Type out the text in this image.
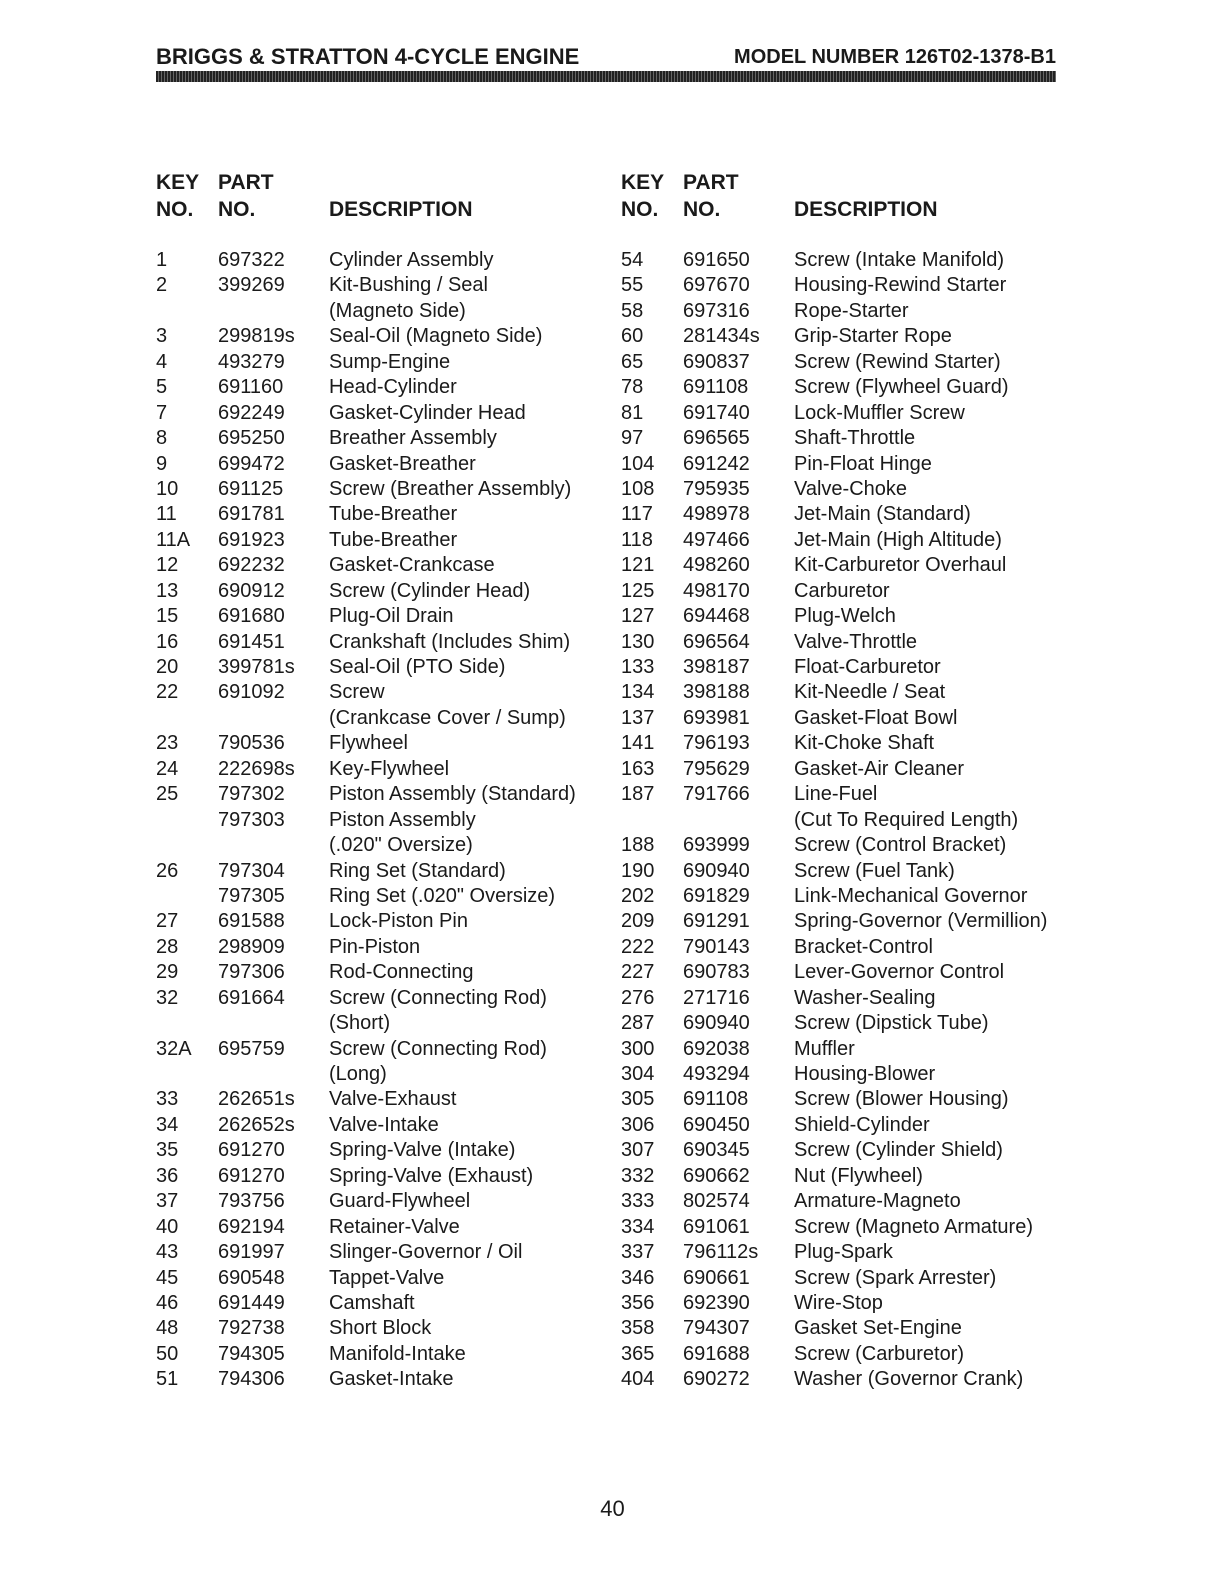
BRIGGS & STRATTON 4-CYCLE ENGINE	MODEL NUMBER 126T02-1378-B1
KEY
NO.
PART
NO.	DESCRIPTION
1	697322 Cylinder Assembly
2	399269 Kit-Bushing / Seal
(Magneto Side)
3	299819s Seal-Oil (Magneto Side)
4	493279 Sump-Engine
5	691160 Head-Cylinder
7	692249 Gasket-Cylinder Head
8	695250 Breather Assembly
9	699472 Gasket-Breather
10 691125 Screw (Breather Assembly)
11 691781 Tube-Breather
11A 691923 Tube-Breather
12 692232 Gasket-Crankcase
13 690912 Screw (Cylinder Head)
15 691680 Plug-Oil Drain
16 691451 Crankshaft (Includes Shim)
20 399781s Seal-Oil (PTO Side)
22 691092 Screw
(Crankcase Cover / Sump)
23 790536 Flywheel
24 222698s Key-Flywheel
25 797302 Piston Assembly (Standard)
797303 Piston Assembly
(.020" Oversize)
26 797304 Ring Set (Standard)
797305 Ring Set (.020" Oversize)
27 691588 Lock-Piston Pin
28 298909 Pin-Piston
29 797306 Rod-Connecting
32 691664 Screw (Connecting Rod)
(Short)
32A 695759 Screw (Connecting Rod)
(Long)
33 262651s Valve-Exhaust
34 262652s Valve-Intake
35 691270 Spring-Valve (Intake)
36 691270 Spring-Valve (Exhaust)
37 793756 Guard-Flywheel
40 692194 Retainer-Valve
43 691997 Slinger-Governor / Oil
45 690548 Tappet-Valve
46 691449 Camshaft
48 792738 Short Block
50 794305 Manifold-Intake
51 794306 Gasket-Intake
KEY
NO.
PART
NO.	DESCRIPTION
54 691650 Screw (Intake Manifold)
55 697670 Housing-Rewind Starter
58 697316 Rope-Starter
60 281434s Grip-Starter Rope
65 690837 Screw (Rewind Starter)
78 691108 Screw (Flywheel Guard)
81 691740 Lock-Muffler Screw
97 696565 Shaft-Throttle
104 691242 Pin-Float Hinge
108 795935 Valve-Choke
117 498978 Jet-Main (Standard)
118 497466 Jet-Main (High Altitude)
121 498260 Kit-Carburetor Overhaul
125 498170 Carburetor
127 694468 Plug-Welch
130 696564 Valve-Throttle
133 398187 Float-Carburetor
134 398188 Kit-Needle / Seat
137 693981 Gasket-Float Bowl
141 796193 Kit-Choke Shaft
163 795629 Gasket-Air Cleaner
187 791766 Line-Fuel
(Cut To Required Length)
188 693999 Screw (Control Bracket)
190 690940 Screw (Fuel Tank)
202 691829 Link-Mechanical Governor
209 691291 Spring-Governor (Vermillion)
222 790143 Bracket-Control
227 690783 Lever-Governor Control
276 271716 Washer-Sealing
287 690940 Screw (Dipstick Tube)
300 692038 Muffler
304 493294 Housing-Blower
305 691108 Screw (Blower Housing)
306 690450 Shield-Cylinder
307 690345 Screw (Cylinder Shield)
332 690662 Nut (Flywheel)
333 802574 Armature-Magneto
334 691061 Screw (Magneto Armature)
337 796112s Plug-Spark
346 690661 Screw (Spark Arrester)
356 692390 Wire-Stop
358 794307 Gasket Set-Engine
365 691688 Screw (Carburetor)
404 690272 Washer (Governor Crank)
40
